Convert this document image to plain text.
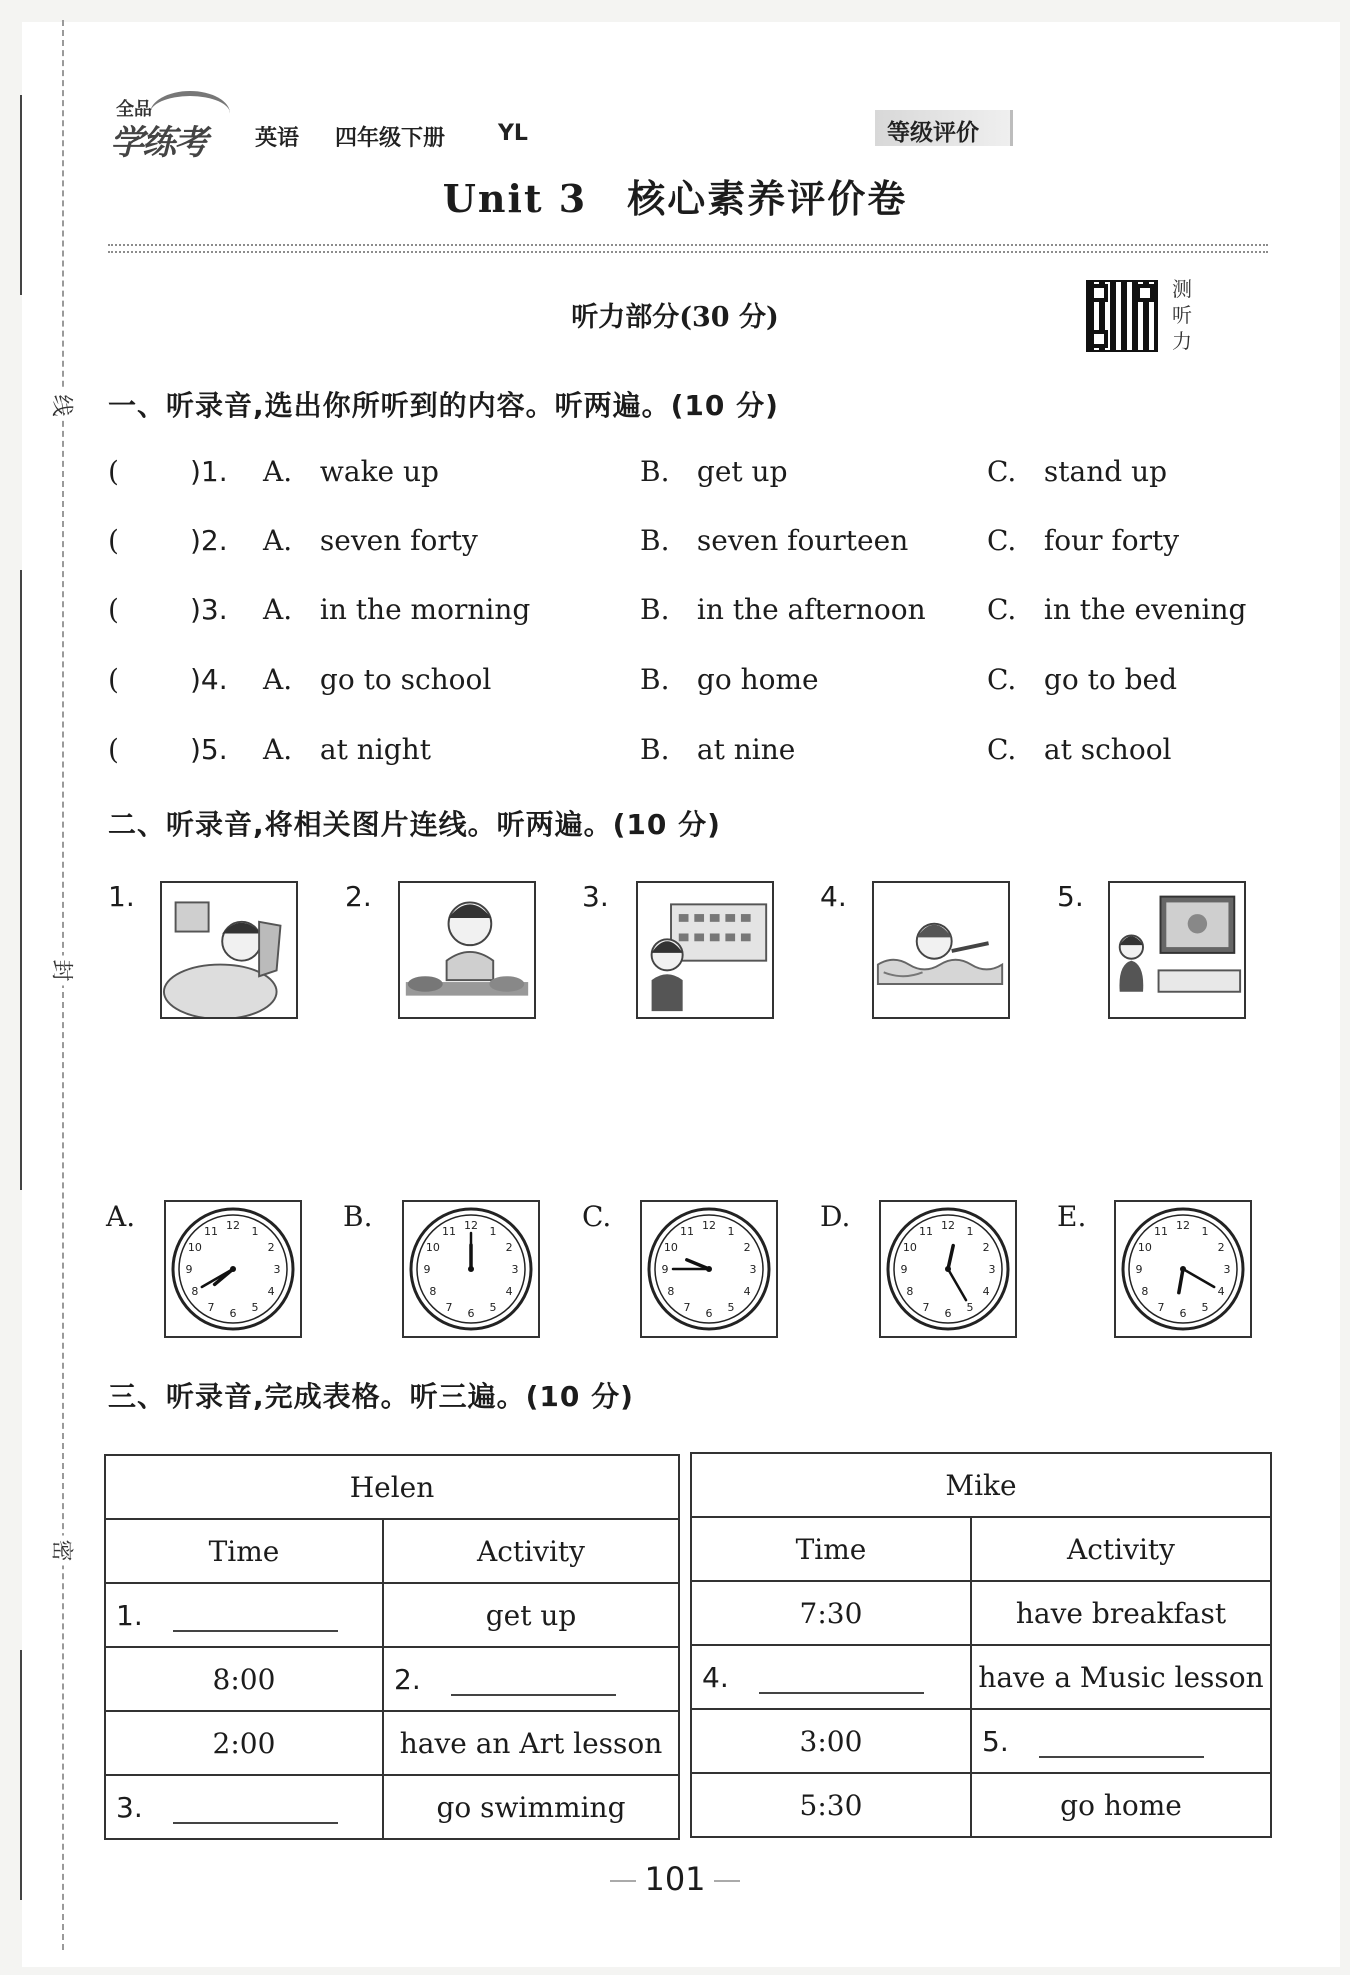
线
封
密
全品
学练考 英语 四年级下册 YL	等级评价
Unit 3 核心素养评价卷
听力部分(30 分)
测
听
力
一、听录音,选出你所听到的内容。听两遍。(10 分)
(	)1. A. wake up	B. get up	C. stand up
(	)2. A. seven forty	B. seven fourteen	C. four forty
(	)3. A. in the morning	B. in the afternoon C. in the evening
(	)4. A. go to school	B. go home	C. go to bed
(	)5. A. at night	B. at nine	C. at school
二、听录音,将相关图片连线。听两遍。(10 分)
1.	2.	3.	4.	5.
A.	12 1
2
3
4
5
6
7
8
9
10
11	B.	12 1
2
3
4
5
6
7
8
9
10
11	C.	12 1
2
3
4
5
6
7
8
9
10
11	D.	12 1
2
3
4
5
6
7
8
9
10
11	E.	12 1
2
3
4
5
6
7
8
9
10
11
三、听录音,完成表格。听三遍。(10 分)
Helen	
Time	Activity
1.	get up
8:00	2.
2:00	have an Art lesson
3.	go swimming
Mike	
Time	Activity
7:30	have breakfast
4.	have a Music lesson
3:00	5.
5:30	go home
101
